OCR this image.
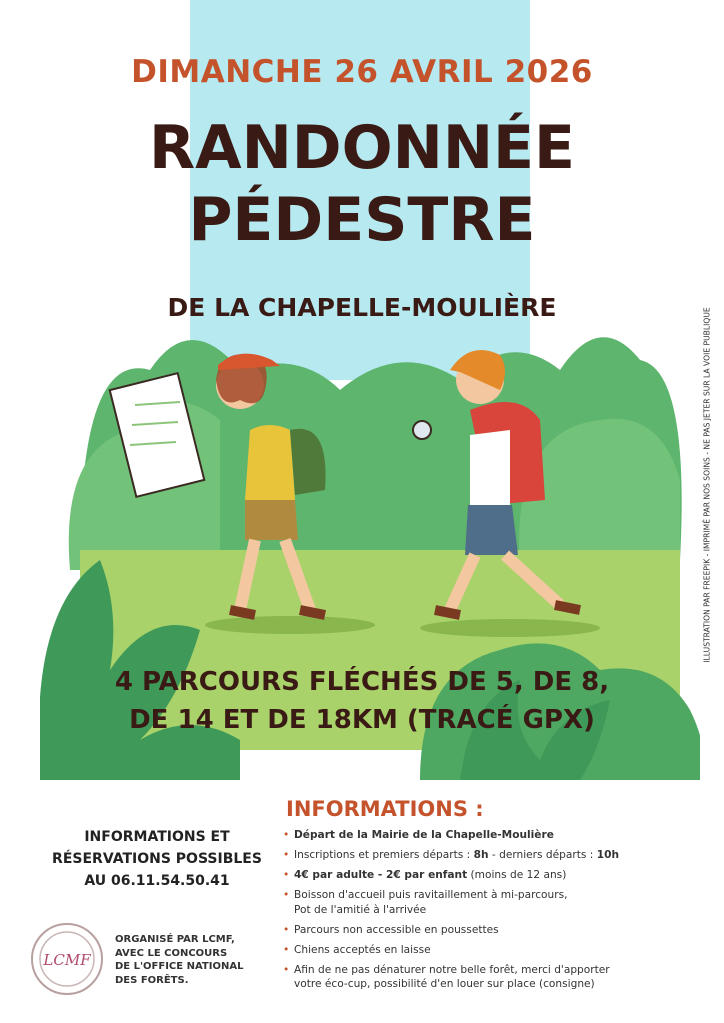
DIMANCHE 26 AVRIL 2026
RANDONNÉE
PÉDESTRE
DE LA CHAPELLE-MOULIÈRE	ILLUSTRATION PAR FREEPIK - IMPRIMÉ PAR NOS SOINS - NE PAS JETER SUR LA VOIE PUBLIQUE
4 PARCOURS FLÉCHÉS DE 5, DE 8,
DE 14 ET DE 18KM (TRACÉ GPX)
INFORMATIONS ET
RÉSERVATIONS POSSIBLES
AU 06.11.54.50.41
LCMF
ORGANISÉ PAR LCMF,
AVEC LE CONCOURS
DE L'OFFICE NATIONAL
DES FORÊTS.
INFORMATIONS :
• Départ de la Mairie de la Chapelle-Moulière
• Inscriptions et premiers départs : 8h - derniers départs : 10h
• 4€ par adulte - 2€ par enfant (moins de 12 ans)
• Boisson d'accueil puis ravitaillement à mi-parcours,
Pot de l'amitié à l'arrivée
• Parcours non accessible en poussettes
• Chiens acceptés en laisse
• Afin de ne pas dénaturer notre belle forêt, merci d'apporter
votre éco-cup, possibilité d'en louer sur place (consigne)
